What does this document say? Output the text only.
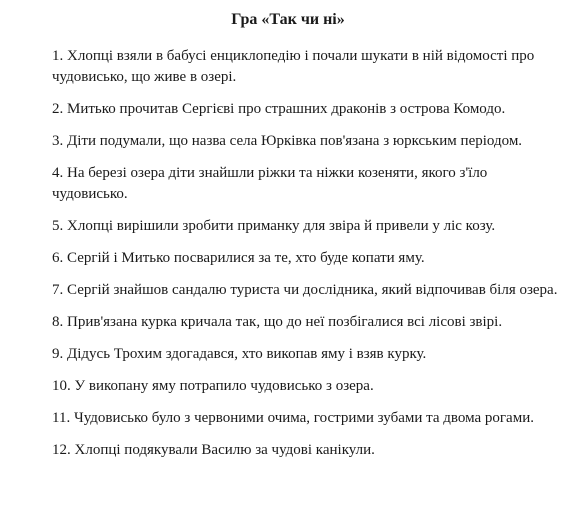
Гра «Так чи ні»
1. Хлопці взяли в бабусі енциклопедію і почали шукати в ній відомості про чудовисько, що живе в озері.
2. Митько прочитав Сергієві про страшних драконів з острова Комодо.
3. Діти подумали, що назва села Юрківка пов'язана з юркським періодом.
4. На березі озера діти знайшли ріжки та ніжки козеняти, якого з'їло чудовисько.
5. Хлопці вирішили зробити приманку для звіра й привели у ліс козу.
6. Сергій і Митько посварилися за те, хто буде копати яму.
7. Сергій знайшов сандалю туриста чи дослідника, який відпочивав біля озера.
8. Прив'язана курка кричала так, що до неї позбігалися всі лісові звірі.
9. Дідусь Трохим здогадався, хто викопав яму і взяв курку.
10. У викопану яму потрапило чудовисько з озера.
11. Чудовисько було з червоними очима, гострими зубами та двома рогами.
12. Хлопці подякували Василю за чудові канікули.
